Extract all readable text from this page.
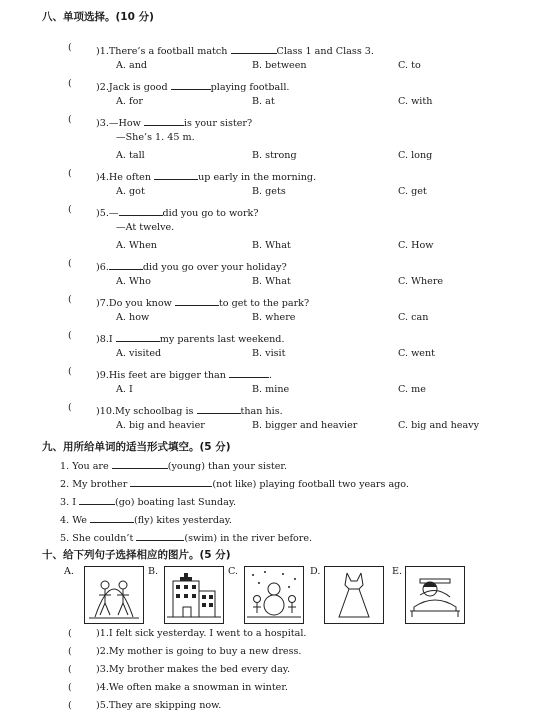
八、单项选择。(10 分)
(	)1.There’s a football match	Class 1 and Class 3.
A. and	B. between	C. to
(	)2.Jack is good	playing football.
A. for	B. at	C. with
(	)3.—How	is your sister?
—She’s 1. 45 m.
A. tall	B. strong	C. long
(	)4.He often	up early in the morning.
A. got	B. gets	C. get
(	)5.—	did you go to work?
—At twelve.
A. When	B. What	C. How
(	)6.	did you go over your holiday?
A. Who	B. What	C. Where
(	)7.Do you know	to get to the park?
A. how	B. where	C. can
(	)8.I	my parents last weekend.
A. visited	B. visit	C. went
(	)9.His feet are bigger than	.
A. I	B. mine	C. me
(	)10.My schoolbag is	than his.
A. big and heavier	B. bigger and heavier	C. big and heavy
九、用所给单词的适当形式填空。(5 分)
1. You are	(young) than your sister.
2. My brother	(not like) playing football two years ago.
3. I	(go) boating last Sunday.
4. We	(fly) kites yesterday.
5. She couldn’t	(swim) in the river before.
十、给下列句子选择相应的图片。(5 分)
A.	B.	C.	D.	E.
(	)1.I felt sick yesterday. I went to a hospital.
(	)2.My mother is going to buy a new dress.
(	)3.My brother makes the bed every day.
(	)4.We often make a snowman in winter.
(	)5.They are skipping now.
